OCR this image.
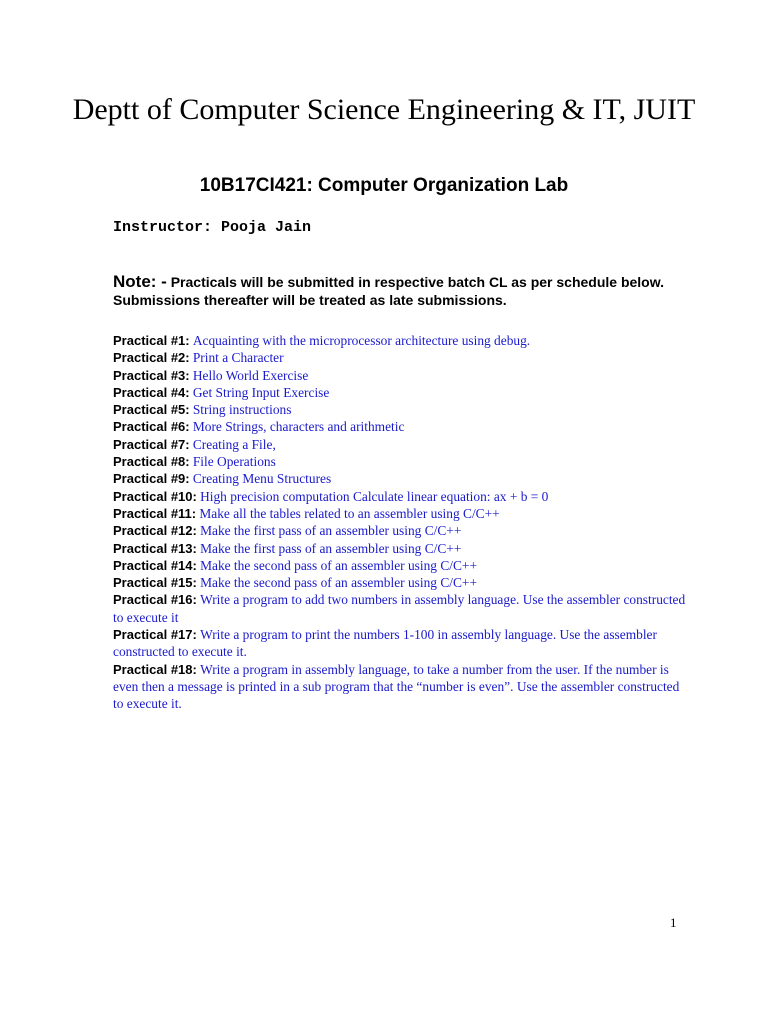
Deptt of Computer Science Engineering & IT, JUIT
10B17CI421: Computer Organization Lab
Instructor: Pooja Jain
Note: - Practicals will be submitted in respective batch CL as per schedule below. Submissions thereafter will be treated as late submissions.
Practical #1: Acquainting with the microprocessor architecture using debug.
Practical #2: Print a Character
Practical #3: Hello World Exercise
Practical #4: Get String Input Exercise
Practical #5: String instructions
Practical #6: More Strings, characters and arithmetic
Practical #7: Creating a File,
Practical #8: File Operations
Practical #9: Creating Menu Structures
Practical #10: High precision computation Calculate linear equation: ax + b = 0
Practical #11: Make all the tables related to an assembler using C/C++
Practical #12: Make the first pass of an assembler using C/C++
Practical #13: Make the first pass of an assembler using C/C++
Practical #14: Make the second pass of an assembler using C/C++
Practical #15: Make the second pass of an assembler using C/C++
Practical #16: Write a program to add two numbers in assembly language. Use the assembler constructed to execute it
Practical #17: Write a program to print the numbers 1-100 in assembly language. Use the assembler constructed to execute it.
Practical #18: Write a program in assembly language, to take a number from the user. If the number is even then a message is printed in a sub program that the “number is even”. Use the assembler constructed to execute it.
1
